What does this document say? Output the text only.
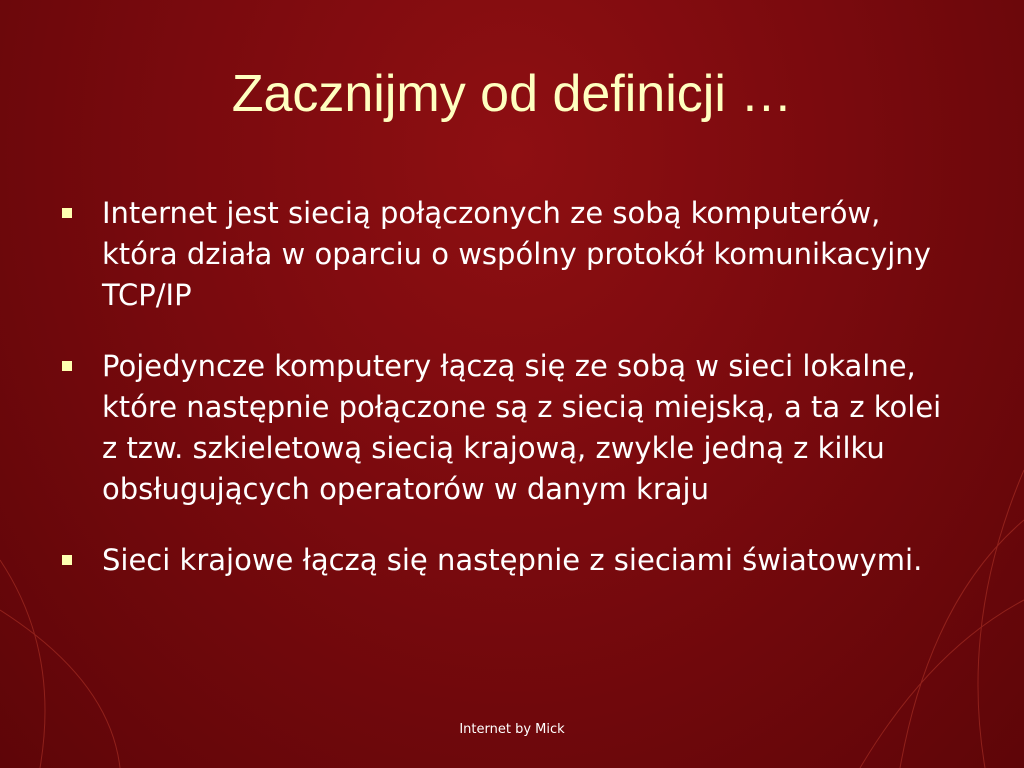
Zacznijmy od definicji …
Internet jest siecią połączonych ze sobą komputerów, która działa w oparciu o wspólny protokół komunikacyjny TCP/IP
Pojedyncze komputery łączą się ze sobą w sieci lokalne, które następnie połączone są z siecią miejską, a ta z kolei z tzw. szkieletową siecią krajową, zwykle jedną z kilku obsługujących operatorów w danym kraju
Sieci krajowe łączą się następnie z sieciami światowymi.
Internet by Mick
